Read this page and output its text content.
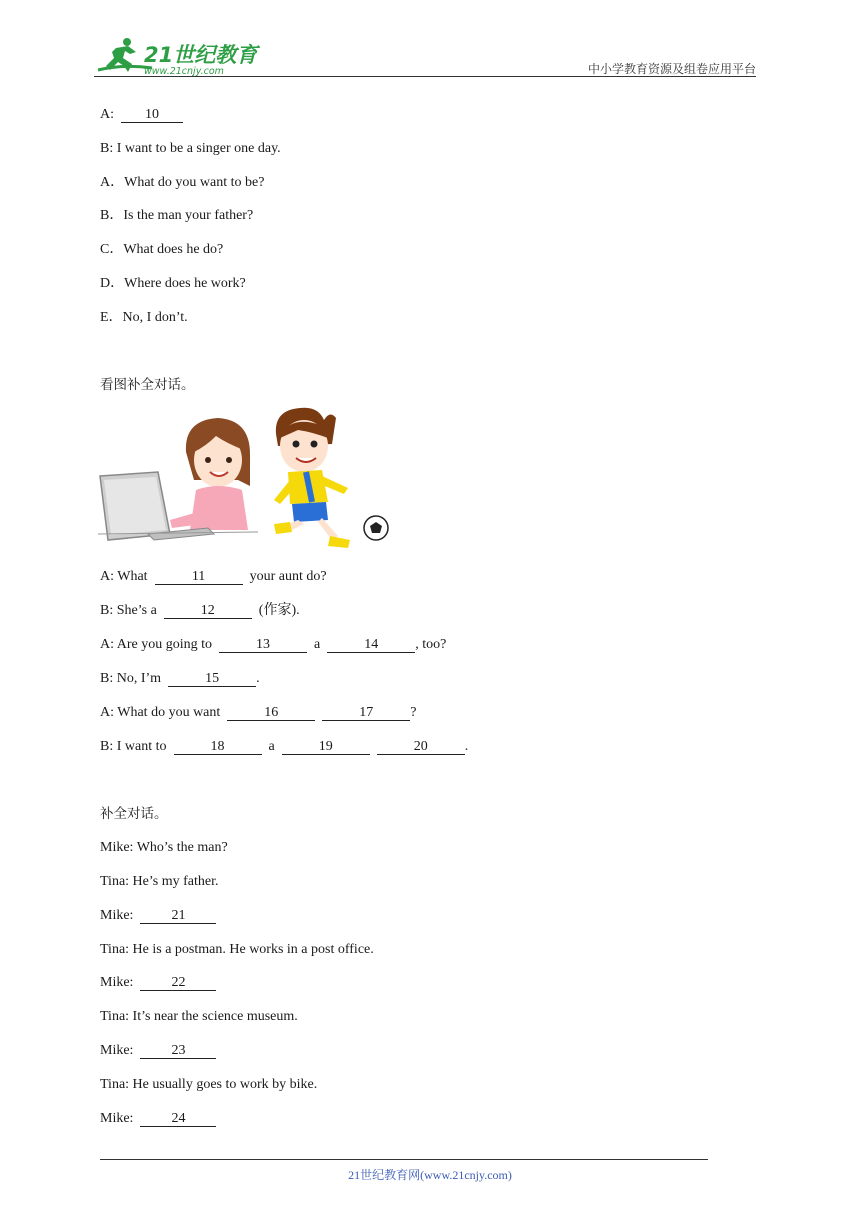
21世纪教育
www.21cnjy.com	中小学教育资源及组卷应用平台
A: 10
B: I want to be a singer one day.
A．What do you want to be?
B．Is the man your father?
C．What does he do?
D．Where does he work?
E．No, I don’t.
看图补全对话。
A: What	11	your aunt do?
B: She’s a	12	(作家).
A: Are you going to	13	a	14	, too?
B: No, I’m	15	.
A: What do you want	16	17	?
B: I want to	18	a	19	20	.
补全对话。
Mike: Who’s the man?
Tina: He’s my father.
Mike:	21
Tina: He is a postman. He works in a post office.
Mike:	22
Tina: It’s near the science museum.
Mike:	23
Tina: He usually goes to work by bike.
Mike:	24
21世纪教育网(www.21cnjy.com)
